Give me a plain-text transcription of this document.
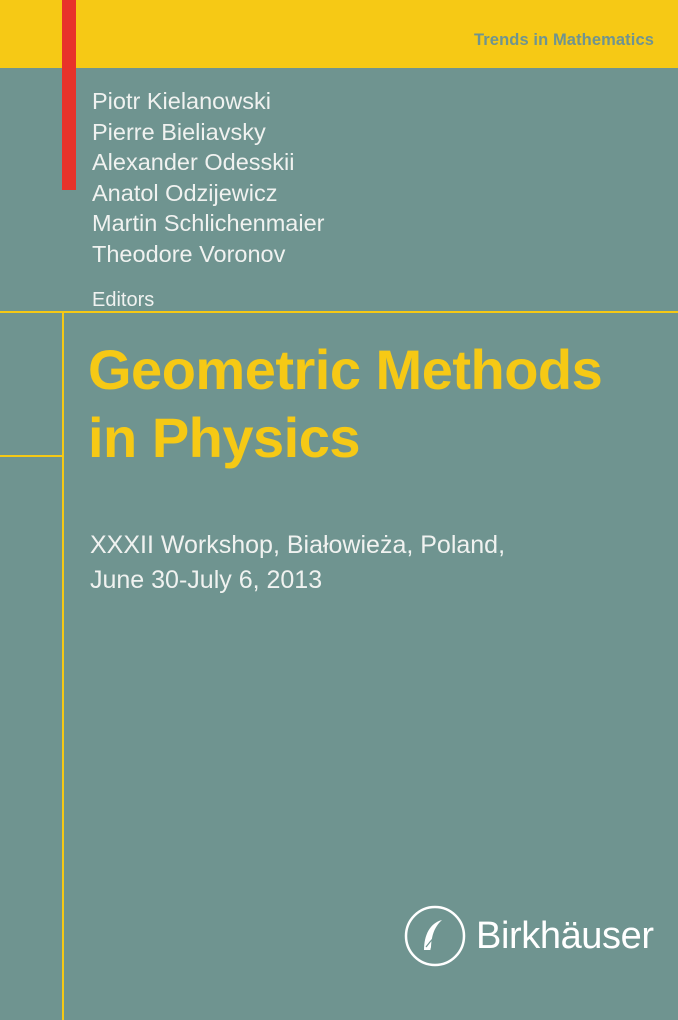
Trends in Mathematics
Piotr Kielanowski
Pierre Bieliavsky
Alexander Odesskii
Anatol Odzijewicz
Martin Schlichenmaier
Theodore Voronov
Editors
Geometric Methods
in Physics
XXXII Workshop, Białowieża, Poland,
June 30-July 6, 2013
Birkhäuser
